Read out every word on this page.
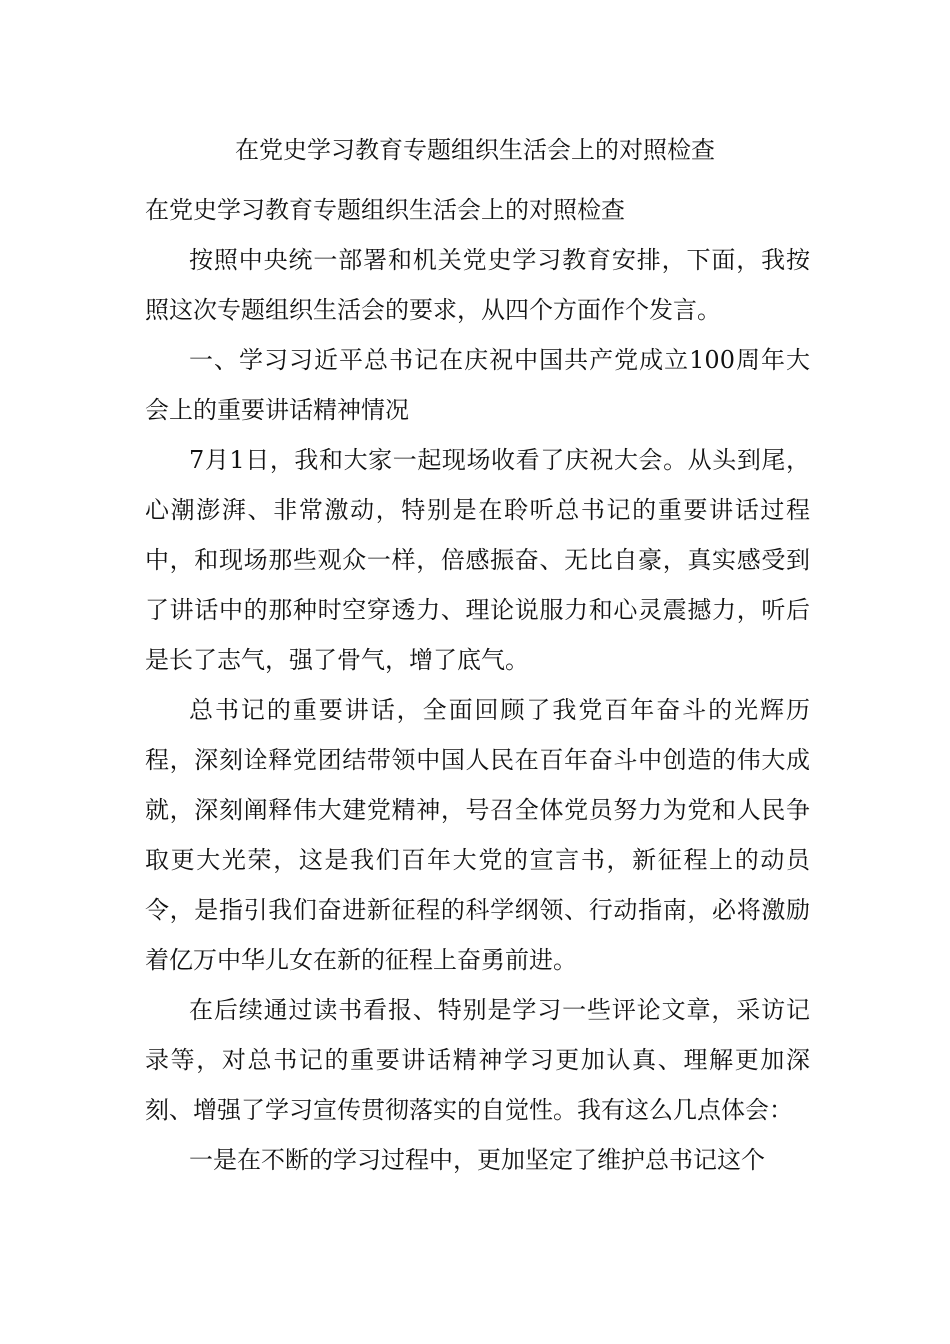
在党史学习教育专题组织生活会上的对照检查

在党史学习教育专题组织生活会上的对照检查

按照中央统一部署和机关党史学习教育安排，下面，我按照这次专题组织生活会的要求，从四个方面作个发言。

一、学习习近平总书记在庆祝中国共产党成立100周年大会上的重要讲话精神情况

7月1日，我和大家一起现场收看了庆祝大会。从头到尾，心潮澎湃、非常激动，特别是在聆听总书记的重要讲话过程中，和现场那些观众一样，倍感振奋、无比自豪，真实感受到了讲话中的那种时空穿透力、理论说服力和心灵震撼力，听后是长了志气，强了骨气，增了底气。

总书记的重要讲话，全面回顾了我党百年奋斗的光辉历程，深刻诠释党团结带领中国人民在百年奋斗中创造的伟大成就，深刻阐释伟大建党精神，号召全体党员努力为党和人民争取更大光荣，这是我们百年大党的宣言书，新征程上的动员令，是指引我们奋进新征程的科学纲领、行动指南，必将激励着亿万中华儿女在新的征程上奋勇前进。

在后续通过读书看报、特别是学习一些评论文章，采访记录等，对总书记的重要讲话精神学习更加认真、理解更加深刻、增强了学习宣传贯彻落实的自觉性。我有这么几点体会：

一是在不断的学习过程中，更加坚定了维护总书记这个
